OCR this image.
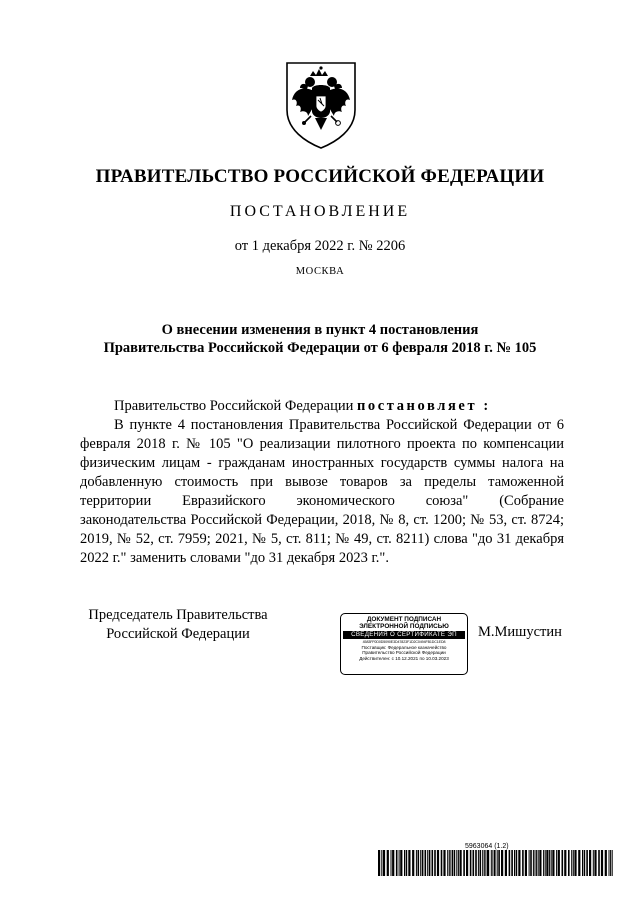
ПРАВИТЕЛЬСТВО РОССИЙСКОЙ ФЕДЕРАЦИИ
ПОСТАНОВЛЕНИЕ
от 1 декабря 2022 г. № 2206
МОСКВА
О внесении изменения в пункт 4 постановления
Правительства Российской Федерации от 6 февраля 2018 г. № 105

Правительство Российской Федерации постановляет :

В пункте 4 постановления Правительства Российской Федерации от 6 февраля 2018 г. № 105 "О реализации пилотного проекта по компенсации физическим лицам - гражданам иностранных государств суммы налога на добавленную стоимость при вывозе товаров за пределы таможенной территории Евразийского экономического союза" (Собрание законодательства Российской Федерации, 2018, № 8, ст. 1200; № 53, ст. 8724; 2019, № 52, ст. 7959; 2021, № 5, ст. 811; № 49, ст. 8211) слова "до 31 декабря 2022 г." заменить словами "до 31 декабря 2023 г.".

Председатель Правительства
Российской Федерации
ДОКУМЕНТ ПОДПИСАН
ЭЛЕКТРОННОЙ ПОДПИСЬЮ
СВЕДЕНИЯ О СЕРТИФИКАТЕ ЭП
4583FF0D0D5090E3D47823F1D2C0494FB1DC1ED8
Поставщик: Федеральное казначейство
Правительство Российской Федерации
Действителен: с 10.12.2021 по 10.03.2023
М.Мишустин
5963064 (1.2)
